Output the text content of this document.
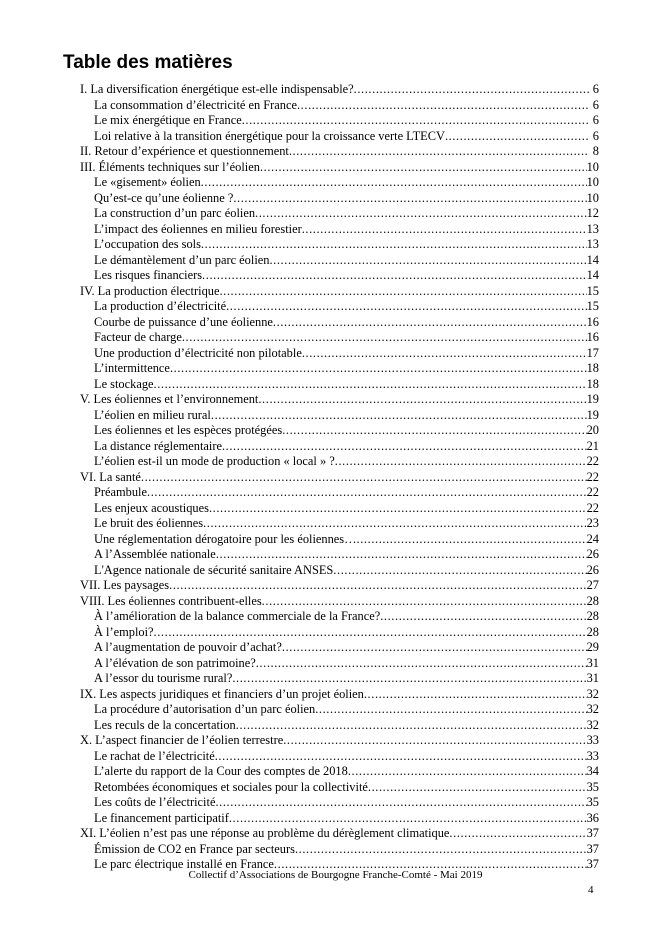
Table des matières
I. La diversification énergétique est-elle indispensable? .....	6
La consommation d’électricité en France .....	6
Le mix énergétique en France .....	6
Loi relative à la transition énergétique pour la croissance verte LTECV .....	6
II. Retour d’expérience et questionnement .....	8
III. Éléments techniques sur l’éolien .....	10
Le «gisement» éolien .....	10
Qu’est-ce qu’une éolienne ? .....	10
La construction d’un parc éolien .....	12
L’impact des éoliennes en milieu forestier .....	13
L’occupation des sols .....	13
Le démantèlement d’un parc éolien .....	14
Les risques financiers .....	14
IV. La production électrique .....	15
La production d’électricité .....	15
Courbe de puissance d’une éolienne .....	16
Facteur de charge .....	16
Une production d’électricité non pilotable .....	17
L’intermittence .....	18
Le stockage .....	18
V. Les éoliennes et l’environnement .....	19
L’éolien en milieu rural .....	19
Les éoliennes et les espèces protégées .....	20
La distance réglementaire .....	21
L’éolien est-il un mode de production « local » ? .....	22
VI. La santé .....	22
Préambule .....	22
Les enjeux acoustiques .....	22
Le bruit des éoliennes .....	23
Une réglementation dérogatoire pour les éoliennes… .....	24
A l’Assemblée nationale .....	26
L'Agence nationale de sécurité sanitaire ANSES .....	26
VII. Les paysages .....	27
VIII. Les éoliennes contribuent-elles .....	28
À l’amélioration de la balance commerciale de la France? .....	28
À l’emploi? .....	28
A l’augmentation de pouvoir d’achat? .....	29
A l’élévation de son patrimoine? .....	31
A l’essor du tourisme rural? .....	31
IX. Les aspects juridiques et financiers d’un projet éolien .....	32
La procédure d’autorisation d’un parc éolien .....	32
Les reculs de la concertation .....	32
X. L’aspect financier de l’éolien terrestre .....	33
Le rachat de l’électricité .....	33
L’alerte du rapport de la Cour des comptes de 2018 .....	34
Retombées économiques et sociales pour la collectivité .....	35
Les coûts de l’électricité .....	35
Le financement participatif .....	36
XI. L’éolien n’est pas une réponse au problème du dérèglement climatique .....	37
Émission de CO2 en France par secteurs .....	37
Le parc électrique installé en France .....	37
Collectif d’Associations de Bourgogne Franche-Comté - Mai 2019
4
